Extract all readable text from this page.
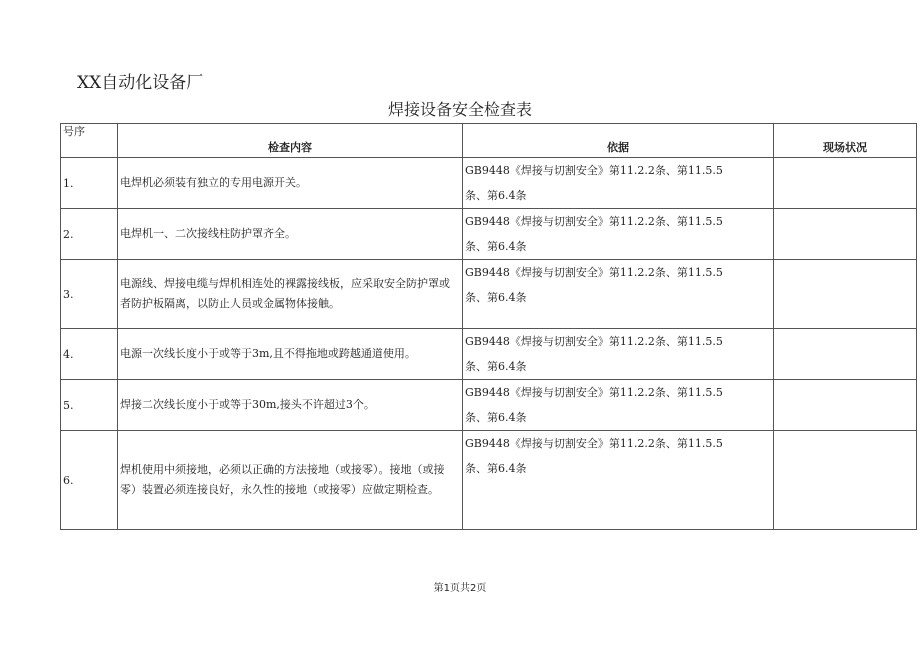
XX自动化设备厂
焊接设备安全检查表
号序	检查内容	依据	现场状况
1.	电焊机必须装有独立的专用电源开关。	GB9448《焊接与切割安全》第11.2.2条、第11.5.5
条、第6.4条	

2.	电焊机一、二次接线柱防护罩齐全。	GB9448《焊接与切割安全》第11.2.2条、第11.5.5
条、第6.4条	

3.	电源线、焊接电缆与焊机相连处的裸露接线板，应采取安全防护罩或者防护板隔离，以防止人员或金属物体接触。	GB9448《焊接与切割安全》第11.2.2条、第11.5.5
条、第6.4条	

4.	电源一次线长度小于或等于3m,且不得拖地或跨越通道使用。	GB9448《焊接与切割安全》第11.2.2条、第11.5.5
条、第6.4条	

5.	焊接二次线长度小于或等于30m,接头不许超过3个。	GB9448《焊接与切割安全》第11.2.2条、第11.5.5
条、第6.4条	

6.	焊机使用中须接地，必须以正确的方法接地（或接零）。接地（或接零）装置必须连接良好，永久性的接地（或接零）应做定期检查。	GB9448《焊接与切割安全》第11.2.2条、第11.5.5
条、第6.4条	

第1页共2页
